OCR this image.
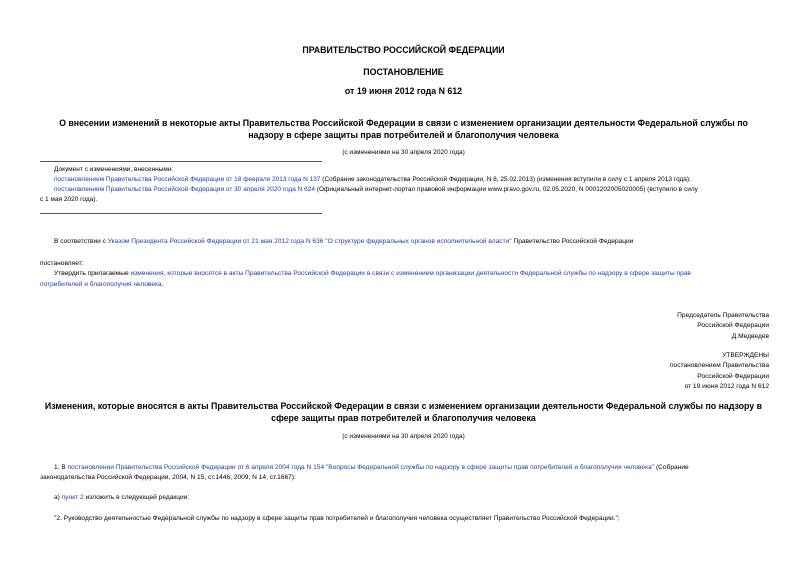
ПРАВИТЕЛЬСТВО РОССИЙСКОЙ ФЕДЕРАЦИИ
ПОСТАНОВЛЕНИЕ
от 19 июня 2012 года N 612
О внесении изменений в некоторые акты Правительства Российской Федерации в связи с изменением организации деятельности Федеральной службы по
надзору в сфере защиты прав потребителей и благополучия человека
(с изменениями на 30 апреля 2020 года)
Документ с изменениями, внесенными:
постановлением Правительства Российской Федерации от 18 февраля 2013 года N 137 (Собрание законодательства Российской Федерации, N 8, 25.02.2013) (изменения вступили в силу с 1 апреля 2013 года);
постановлением Правительства Российской Федерации от 30 апреля 2020 года N 624 (Официальный интернет-портал правовой информации www.pravo.gov.ru, 02.05.2020, N 0001202005020005) (вступило в силу
с 1 мая 2020 года).
В соответствии с Указом Президента Российской Федерации от 21 мая 2012 года N 636 "О структуре федеральных органов исполнительной власти" Правительство Российской Федерации
постановляет:
Утвердить прилагаемые изменения, которые вносятся в акты Правительства Российской Федерации в связи с изменением организации деятельности Федеральной службы по надзору в сфере защиты прав
потребителей и благополучия человека.
Председатель Правительства
Российской Федерации
Д.Медведев
УТВЕРЖДЕНЫ
постановлением Правительства
Российской Федерации
от 19 июня 2012 года N 612
Изменения, которые вносятся в акты Правительства Российской Федерации в связи с изменением организации деятельности Федеральной службы по надзору в
сфере защиты прав потребителей и благополучия человека
(с изменениями на 30 апреля 2020 года)
1. В постановлении Правительства Российской Федерации от 6 апреля 2004 года N 154 "Вопросы Федеральной службы по надзору в сфере защиты прав потребителей и благополучия человека" (Собрание
законодательства Российской Федерации, 2004, N 15, ст.1446; 2009, N 14, ст.1667):
а) пункт 2 изложить в следующей редакции:
"2. Руководство деятельностью Федеральной службы по надзору в сфере защиты прав потребителей и благополучия человека осуществляет Правительство Российской Федерации.";
